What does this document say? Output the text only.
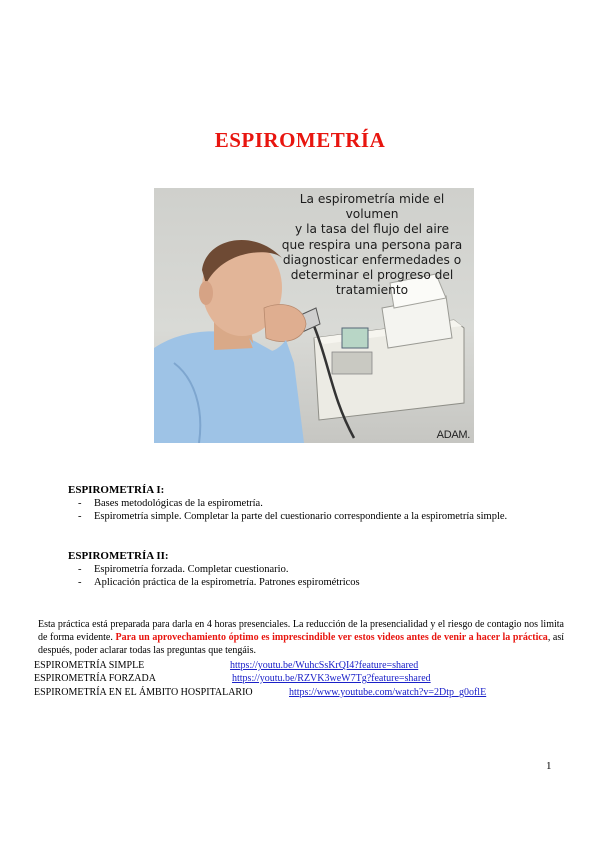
ESPIROMETRÍA
La espirometría mide el volumen
y la tasa del flujo del aire
que respira una persona para
diagnosticar enfermedades o
determinar el progreso del
tratamiento
ADAM.
ESPIROMETRÍA I:
- Bases metodológicas de la espirometría.
- Espirometría simple. Completar la parte del cuestionario correspondiente a la espirometría simple.
ESPIROMETRÍA II:
- Espirometría forzada. Completar cuestionario.
- Aplicación práctica de la espirometría. Patrones espirométricos

Esta práctica está preparada para darla en 4 horas presenciales. La reducción de la presencialidad y el riesgo de contagio nos limita de forma evidente. Para un aprovechamiento óptimo es imprescindible ver estos videos antes de venir a hacer la práctica, así después, poder aclarar todas las preguntas que tengáis.

ESPIROMETRÍA SIMPLE	https://youtu.be/WuhcSsKrQI4?feature=shared
ESPIROMETRÍA FORZADA	https://youtu.be/RZVK3weW7Tg?feature=shared
ESPIROMETRÍA EN EL ÁMBITO HOSPITALARIO	https://www.youtube.com/watch?v=2Dtp_g0oflE
1
